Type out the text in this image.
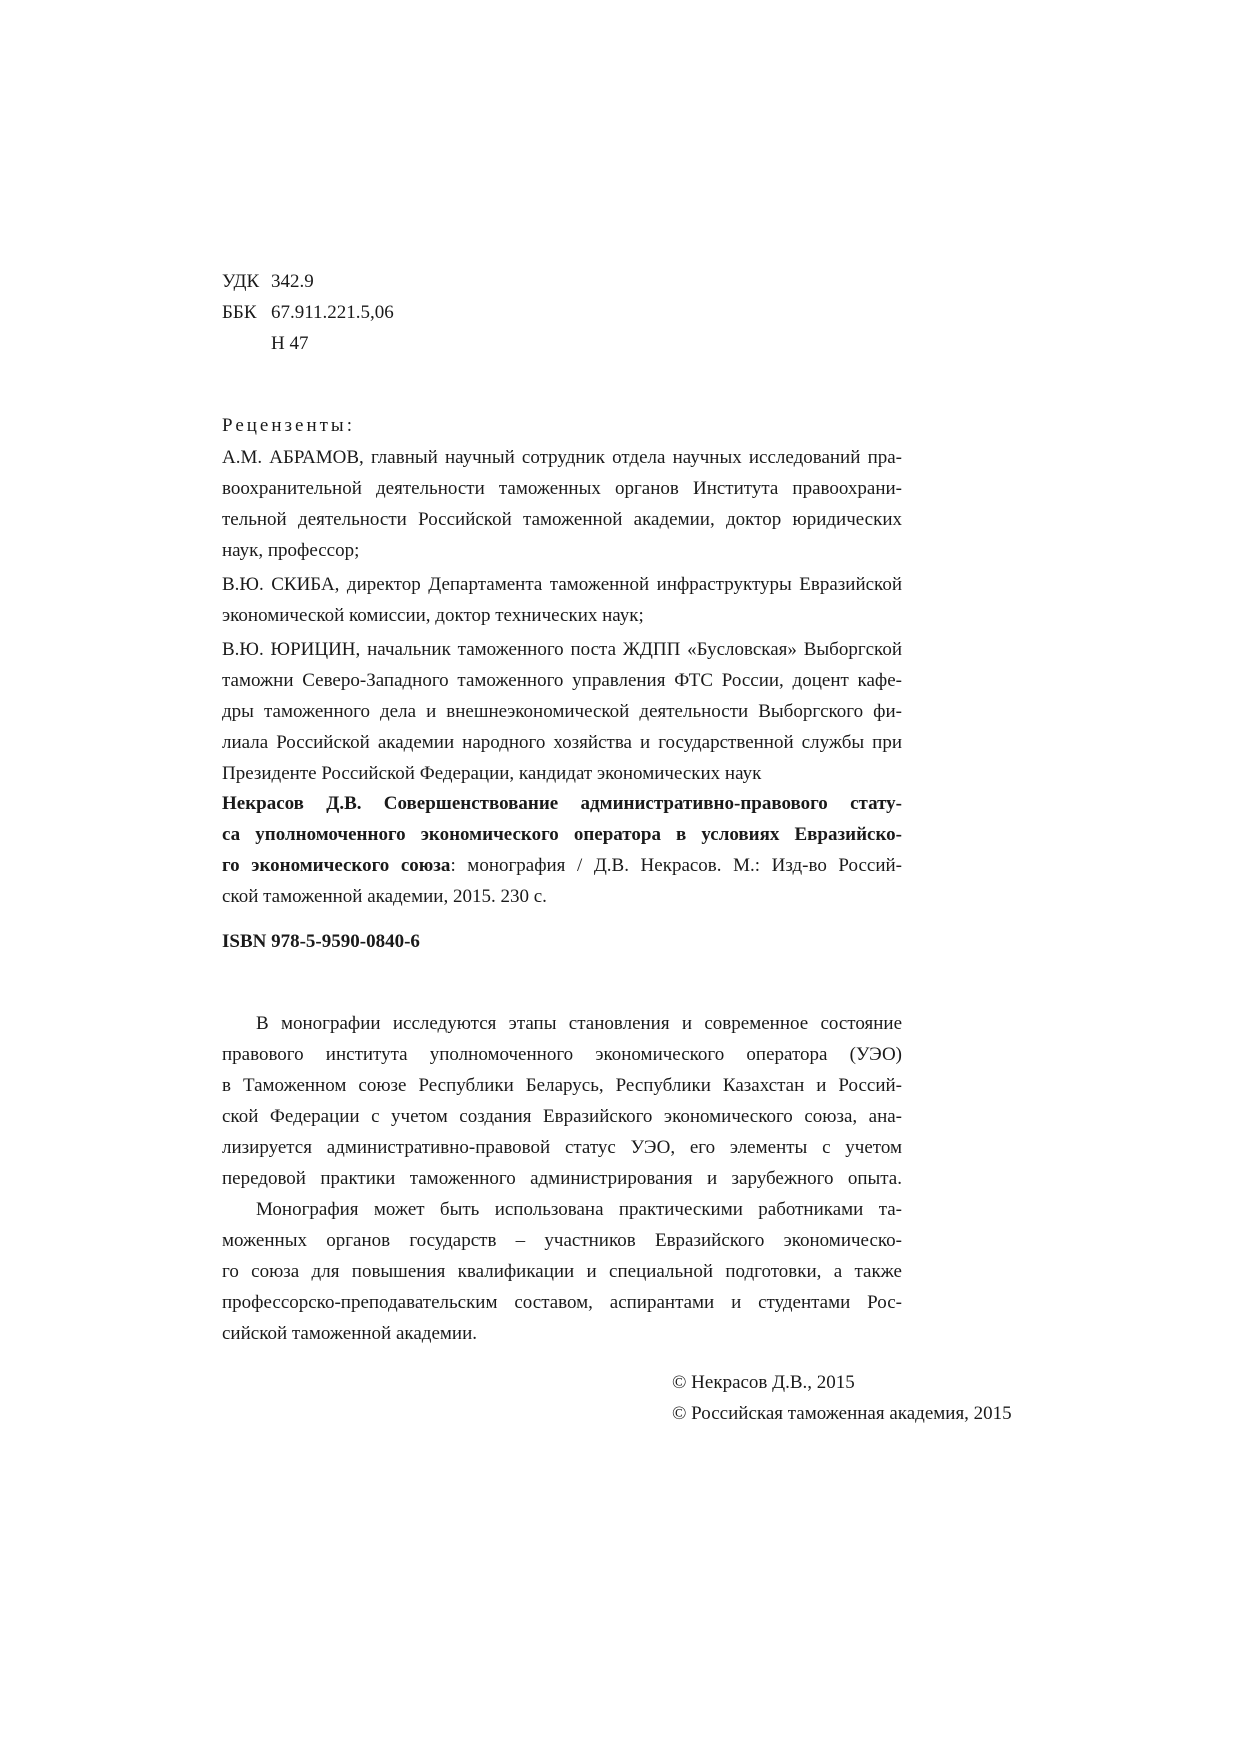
УДК 342.9
ББК 67.911.221.5,06
Н 47
Рецензенты:
А.М. АБРАМОВ, главный научный сотрудник отдела научных исследований пра-
воохранительной деятельности таможенных органов Института правоохрани-
тельной деятельности Российской таможенной академии, доктор юридических
наук, профессор;
В.Ю. СКИБА, директор Департамента таможенной инфраструктуры Евразийской
экономической комиссии, доктор технических наук;
В.Ю. ЮРИЦИН, начальник таможенного поста ЖДПП «Бусловская» Выборгской
таможни Северо-Западного таможенного управления ФТС России, доцент кафе-
дры таможенного дела и внешнеэкономической деятельности Выборгского фи-
лиала Российской академии народного хозяйства и государственной службы при
Президенте Российской Федерации, кандидат экономических наук
Некрасов Д.В. Совершенствование административно-правового стату-
са уполномоченного экономического оператора в условиях Евразийско-
го экономического союза: монография / Д.В. Некрасов. М.: Изд-во Россий-
ской таможенной академии, 2015. 230 с.
ISBN 978-5-9590-0840-6
В монографии исследуются этапы становления и современное состояние
правового института уполномоченного экономического оператора (УЭО)
в Таможенном союзе Республики Беларусь, Республики Казахстан и Россий-
ской Федерации с учетом создания Евразийского экономического союза, ана-
лизируется административно-правовой статус УЭО, его элементы с учетом
передовой практики таможенного администрирования и зарубежного опыта.
Монография может быть использована практическими работниками та-
моженных органов государств – участников Евразийского экономическо-
го союза для повышения квалификации и специальной подготовки, а также
профессорско-преподавательским составом, аспирантами и студентами Рос-
сийской таможенной академии.
© Некрасов Д.В., 2015
© Российская таможенная академия, 2015
